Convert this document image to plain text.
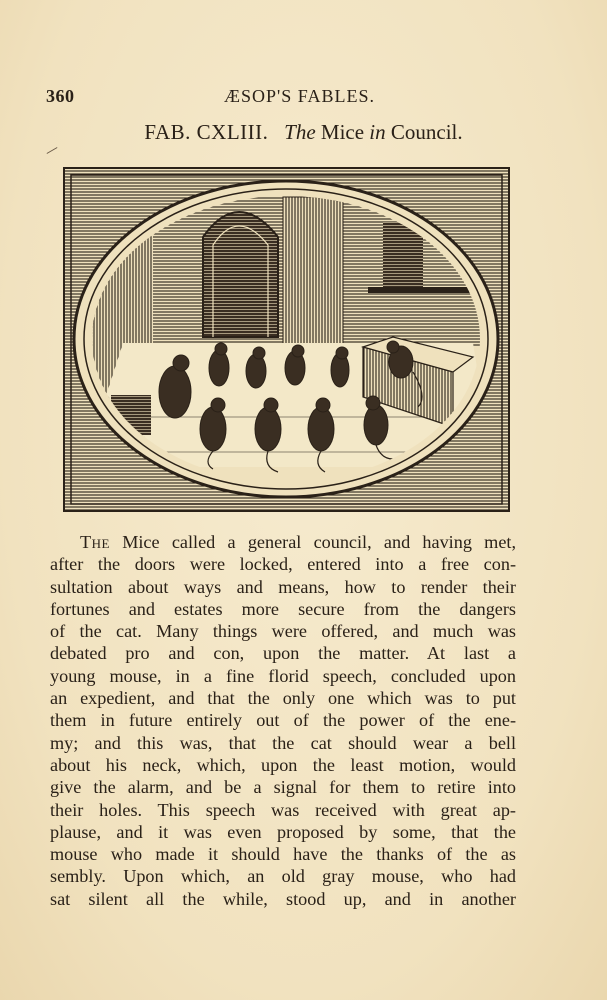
360	ÆSOP'S FABLES.
FAB. CXLIII. The Mice in Council.
The Mice called a general council, and having met,
after the doors were locked, entered into a free con-
sultation about ways and means, how to render their
fortunes and estates more secure from the dangers
of the cat. Many things were offered, and much was
debated pro and con, upon the matter. At last a
young mouse, in a fine florid speech, concluded upon
an expedient, and that the only one which was to put
them in future entirely out of the power of the ene-
my; and this was, that the cat should wear a bell
about his neck, which, upon the least motion, would
give the alarm, and be a signal for them to retire into
their holes. This speech was received with great ap-
plause, and it was even proposed by some, that the
mouse who made it should have the thanks of the as
sembly. Upon which, an old gray mouse, who had
sat silent all the while, stood up, and in another
